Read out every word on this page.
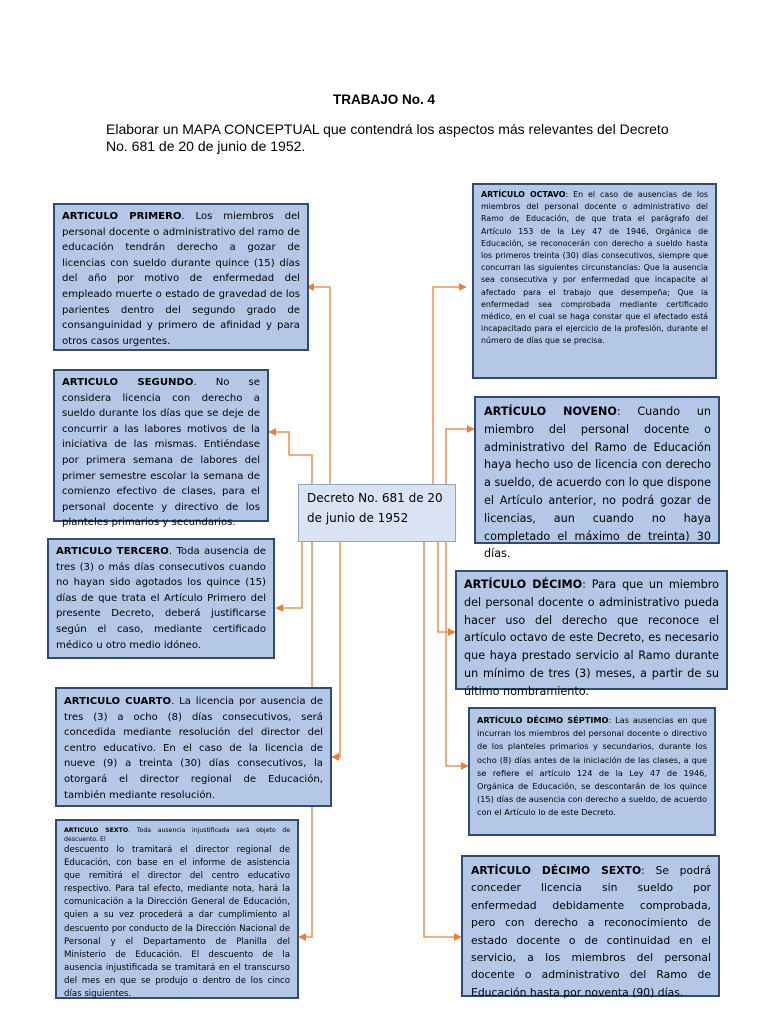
TRABAJO No. 4
Elaborar un MAPA CONCEPTUAL que contendrá los aspectos más relevantes del Decreto No. 681 de 20 de junio de 1952.
Decreto No. 681 de 20 de junio de 1952
ARTICULO PRIMERO. Los miembros del personal docente o administrativo del ramo de educación tendrán derecho a gozar de licencias con sueldo durante quince (15) días del año por motivo de enfermedad del empleado muerte o estado de gravedad de los parientes dentro del segundo grado de consanguinidad y primero de afinidad y para otros casos urgentes.
ARTICULO SEGUNDO. No se considera licencia con derecho a sueldo durante los días que se deje de concurrir a las labores motivos de la iniciativa de las mismas. Entiéndase por primera semana de labores del primer semestre escolar la semana de comienzo efectivo de clases, para el personal docente y directivo de los planteles primarios y secundarios.
ARTICULO TERCERO. Toda ausencia de tres (3) o más días consecutivos cuando no hayan sido agotados los quince (15) días de que trata el Artículo Primero del presente Decreto, deberá justificarse según el caso, mediante certificado médico u otro medio idóneo.
ARTICULO CUARTO. La licencia por ausencia de tres (3) a ocho (8) días consecutivos, será concedida mediante resolución del director del centro educativo. En el caso de la licencia de nueve (9) a treinta (30) días consecutivos, la otorgará el director regional de Educación, también mediante resolución.
ARTICULO SEXTO. Toda ausencia injustificada será objeto de descuento. El
descuento lo tramitará el director regional de Educación, con base en el informe de asistencia que remitirá el director del centro educativo respectivo. Para tal efecto, mediante nota, hará la comunicación a la Dirección General de Educación, quien a su vez procederá a dar cumplimiento al descuento por conducto de la Dirección Nacional de Personal y el Departamento de Planilla del Ministerio de Educación. El descuento de la ausencia injustificada se tramitará en el transcurso del mes en que se produjo o dentro de los cinco días siguientes.
ARTÍCULO OCTAVO: En el caso de ausencias de los miembros del personal docente o administrativo del Ramo de Educación, de que trata el parágrafo del Artículo 153 de la Ley 47 de 1946, Orgánica de Educación, se reconocerán con derecho a sueldo hasta los primeros treinta (30) días consecutivos, siempre que concurran las siguientes circunstancias: Que la ausencia sea consecutiva y por enfermedad que incapacite al afectado para el trabajo que desempeña; Que la enfermedad sea comprobada mediante certificado médico, en el cual se haga constar que el afectado está incapacitado para el ejercicio de la profesión, durante el número de días que se precisa.
ARTÍCULO NOVENO: Cuando un miembro del personal docente o administrativo del Ramo de Educación haya hecho uso de licencia con derecho a sueldo, de acuerdo con lo que dispone el Artículo anterior, no podrá gozar de licencias, aun cuando no haya completado el máximo de treinta) 30 días.
ARTÍCULO DÉCIMO: Para que un miembro del personal docente o administrativo pueda hacer uso del derecho que reconoce el artículo octavo de este Decreto, es necesario que haya prestado servicio al Ramo durante un mínimo de tres (3) meses, a partir de su último nombramiento.
ARTÍCULO DÉCIMO SÉPTIMO: Las ausencias en que incurran los miembros del personal docente o directivo de los planteles primarios y secundarios, durante los ocho (8) días antes de la iniciación de las clases, a que se refiere el artículo 124 de la Ley 47 de 1946, Orgánica de Educación, se descontarán de los quince (15) días de ausencia con derecho a sueldo, de acuerdo con el Artículo lo de este Decreto.
ARTÍCULO DÉCIMO SEXTO: Se podrá conceder licencia sin sueldo por enfermedad debidamente comprobada, pero con derecho a reconocimiento de estado docente o de continuidad en el servicio, a los miembros del personal docente o administrativo del Ramo de Educación hasta por noventa (90) días.
